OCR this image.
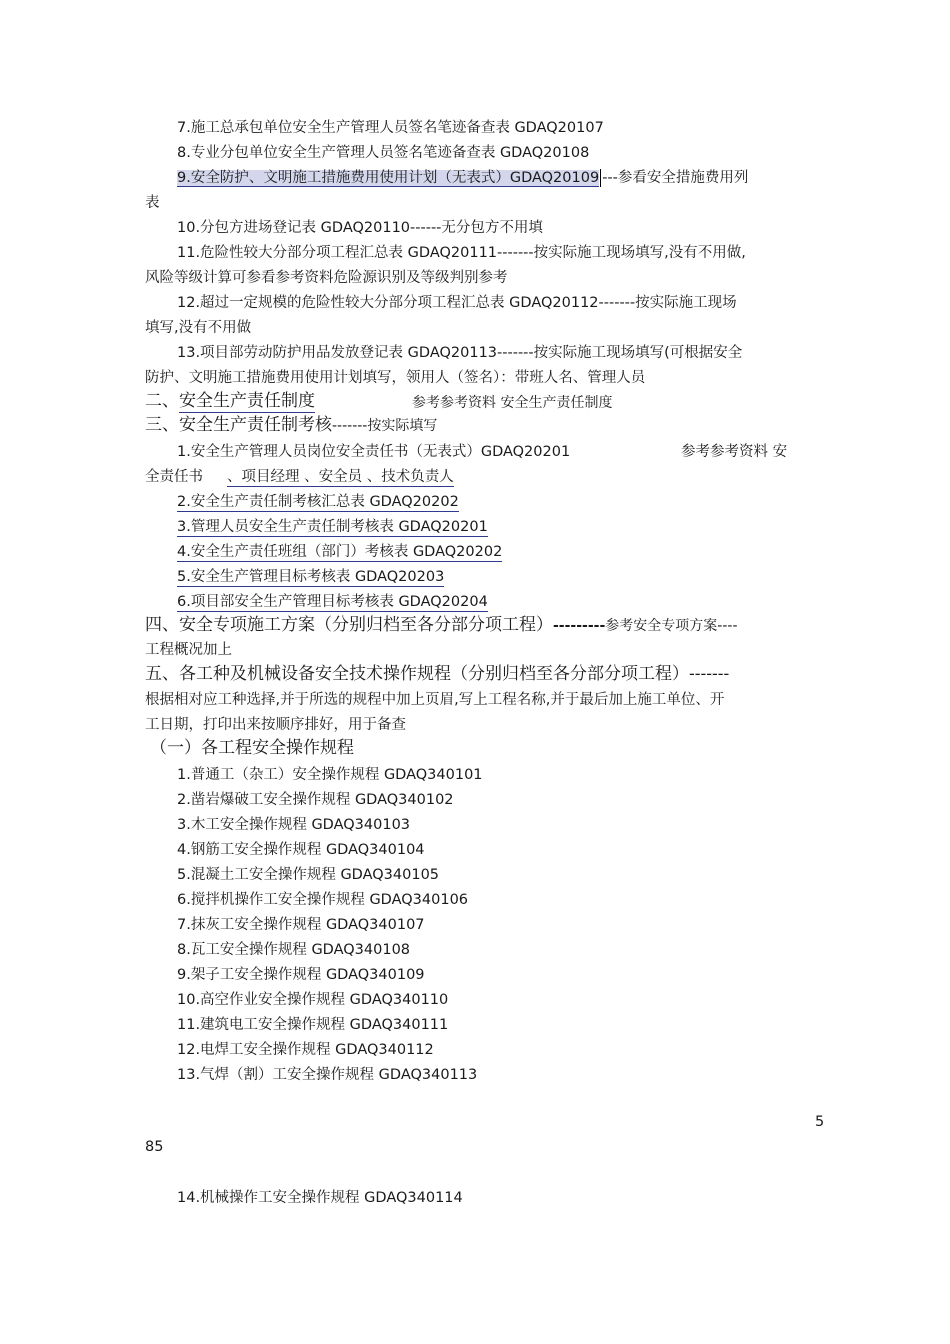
7.施工总承包单位安全生产管理人员签名笔迹备查表 GDAQ20107
8.专业分包单位安全生产管理人员签名笔迹备查表 GDAQ20108
9.安全防护、文明施工措施费用使用计划（无表式）GDAQ20109 ---参看安全措施费用列
表
10.分包方进场登记表 GDAQ20110------无分包方不用填
11.危险性较大分部分项工程汇总表 GDAQ20111-------按实际施工现场填写,没有不用做,
风险等级计算可参看参考资料危险源识别及等级判别参考
12.超过一定规模的危险性较大分部分项工程汇总表 GDAQ20112-------按实际施工现场
填写,没有不用做
13.项目部劳动防护用品发放登记表 GDAQ20113-------按实际施工现场填写(可根据安全
防护、文明施工措施费用使用计划填写，领用人（签名）：带班人名、管理人员
二、安全生产责任制度	参考参考资料 安全生产责任制度
三、安全生产责任制考核-------按实际填写
1.安全生产管理人员岗位安全责任书（无表式）GDAQ20201	参考参考资料 安
全责任书 、项目经理 、安全员 、技术负责人
2.安全生产责任制考核汇总表 GDAQ20202
3.管理人员安全生产责任制考核表 GDAQ20201
4.安全生产责任班组（部门）考核表 GDAQ20202
5.安全生产管理目标考核表 GDAQ20203
6.项目部安全生产管理目标考核表 GDAQ20204
四、安全专项施工方案（分别归档至各分部分项工程）---------参考安全专项方案----
工程概况加上
五、各工种及机械设备安全技术操作规程（分别归档至各分部分项工程）-------
根据相对应工种选择,并于所选的规程中加上页眉,写上工程名称,并于最后加上施工单位、开
工日期，打印出来按顺序排好，用于备查
（一）各工程安全操作规程
1.普通工（杂工）安全操作规程 GDAQ340101
2.凿岩爆破工安全操作规程 GDAQ340102
3.木工安全操作规程 GDAQ340103
4.钢筋工安全操作规程 GDAQ340104
5.混凝土工安全操作规程 GDAQ340105
6.搅拌机操作工安全操作规程 GDAQ340106
7.抹灰工安全操作规程 GDAQ340107
8.瓦工安全操作规程 GDAQ340108
9.架子工安全操作规程 GDAQ340109
10.高空作业安全操作规程 GDAQ340110
11.建筑电工安全操作规程 GDAQ340111
12.电焊工安全操作规程 GDAQ340112
13.气焊（割）工安全操作规程 GDAQ340113
5
85
14.机械操作工安全操作规程 GDAQ340114
